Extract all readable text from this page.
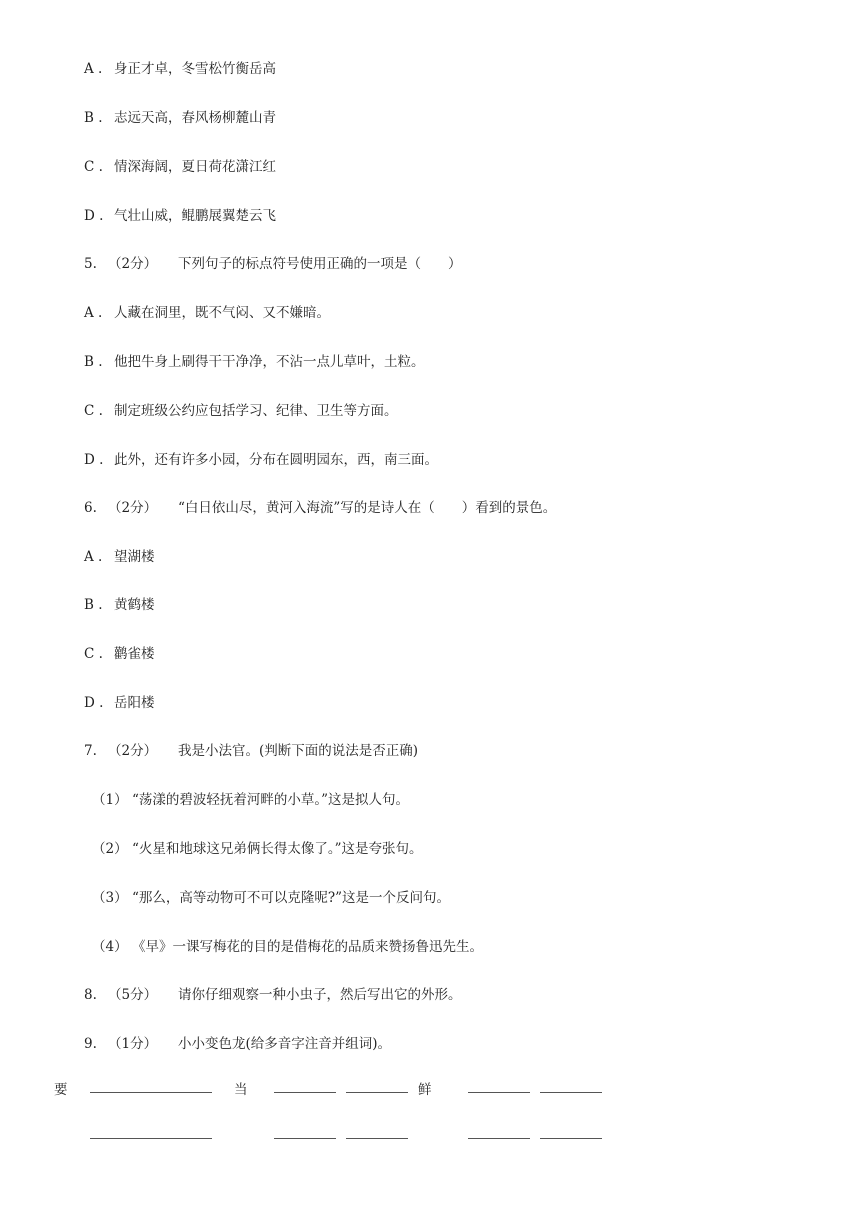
A . 身正才卓，冬雪松竹衡岳高
B . 志远天高，春风杨柳麓山青
C . 情深海阔，夏日荷花潇江红
D . 气壮山威，鲲鹏展翼楚云飞
5. （2分） 下列句子的标点符号使用正确的一项是（　　）
A . 人藏在洞里，既不气闷、又不嫌暗。
B . 他把牛身上刷得干干净净，不沾一点儿草叶，土粒。
C . 制定班级公约应包括学习、纪律、卫生等方面。
D . 此外，还有许多小园，分布在圆明园东，西，南三面。
6. （2分） “白日依山尽，黄河入海流”写的是诗人在（　　）看到的景色。
A . 望湖楼
B . 黄鹤楼
C . 鹳雀楼
D . 岳阳楼
7. （2分） 我是小法官。(判断下面的说法是否正确)
（1） “荡漾的碧波轻抚着河畔的小草。”这是拟人句。
（2） “火星和地球这兄弟俩长得太像了。”这是夸张句。
（3） “那么，高等动物可不可以克隆呢?”这是一个反问句。
（4） 《早》一课写梅花的目的是借梅花的品质来赞扬鲁迅先生。
8. （5分） 请你仔细观察一种小虫子，然后写出它的外形。
9. （1分） 小小变色龙(给多音字注音并组词)。
要	当	鲜
